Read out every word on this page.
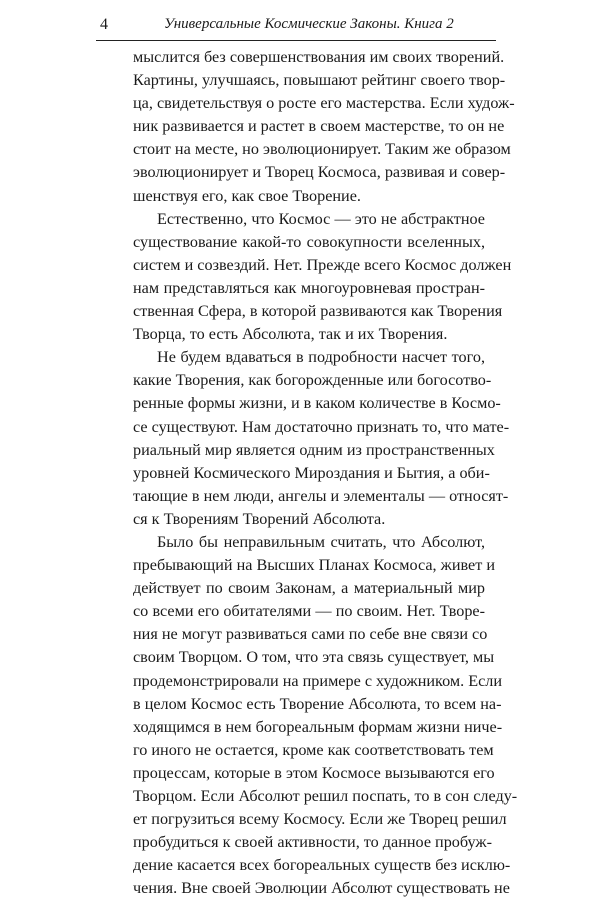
4	Универсальные Космические Законы. Книга 2
мыслится без совершенствования им своих творений.
Картины, улучшаясь, повышают рейтинг своего твор-
ца, свидетельствуя о росте его мастерства. Если худож-
ник развивается и растет в своем мастерстве, то он не
стоит на месте, но эволюционирует. Таким же образом
эволюционирует и Творец Космоса, развивая и совер-
шенствуя его, как свое Творение.
Естественно, что Космос — это не абстрактное
существование какой-то совокупности вселенных,
систем и созвездий. Нет. Прежде всего Космос должен
нам представляться как многоуровневая простран-
ственная Сфера, в которой развиваются как Творения
Творца, то есть Абсолюта, так и их Творения.
Не будем вдаваться в подробности насчет того,
какие Творения, как богорожденные или богосотво-
ренные формы жизни, и в каком количестве в Космо-
се существуют. Нам достаточно признать то, что мате-
риальный мир является одним из пространственных
уровней Космического Мироздания и Бытия, а оби-
тающие в нем люди, ангелы и элементалы — относят-
ся к Творениям Творений Абсолюта.
Было бы неправильным считать, что Абсолют,
пребывающий на Высших Планах Космоса, живет и
действует по своим Законам, а материальный мир
со всеми его обитателями — по своим. Нет. Творе-
ния не могут развиваться сами по себе вне связи со
своим Творцом. О том, что эта связь существует, мы
продемонстрировали на примере с художником. Если
в целом Космос есть Творение Абсолюта, то всем на-
ходящимся в нем богореальным формам жизни ниче-
го иного не остается, кроме как соответствовать тем
процессам, которые в этом Космосе вызываются его
Творцом. Если Абсолют решил поспать, то в сон следу-
ет погрузиться всему Космосу. Если же Творец решил
пробудиться к своей активности, то данное пробуж-
дение касается всех богореальных существ без исклю-
чения. Вне своей Эволюции Абсолют существовать не
